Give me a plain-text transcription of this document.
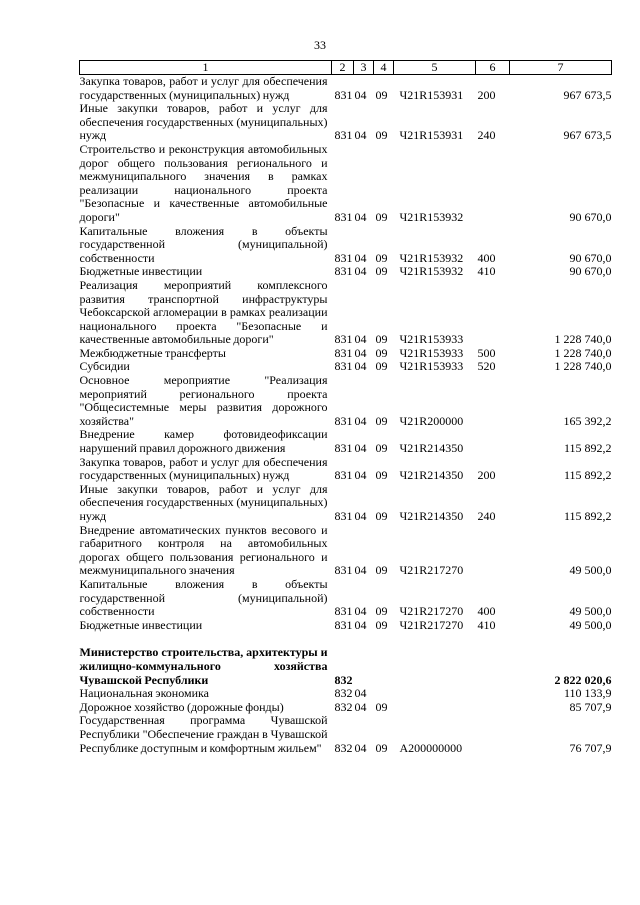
33
1	2	3	4	5	6	7
Закупка товаров, работ и услуг для обеспечения государственных (муниципальных) нужд	831	04	09	Ч21R153931	200	967 673,5
Иные закупки товаров, работ и услуг для обеспечения государственных (муниципальных) нужд	831	04	09	Ч21R153931	240	967 673,5
Строительство и реконструкция автомобильных дорог общего пользования регионального и межмуниципального значения в рамках реализации национального проекта "Безопасные и качественные автомобильные дороги"	831	04	09	Ч21R153932		90 670,0
Капитальные вложения в объекты государственной (муниципальной) собственности	831	04	09	Ч21R153932	400	90 670,0
Бюджетные инвестиции	831	04	09	Ч21R153932	410	90 670,0
Реализация мероприятий комплексного развития транспортной инфраструктуры Чебоксарской агломерации в рамках реализации национального проекта "Безопасные и качественные автомобильные дороги"	831	04	09	Ч21R153933		1 228 740,0
Межбюджетные трансферты	831	04	09	Ч21R153933	500	1 228 740,0
Субсидии	831	04	09	Ч21R153933	520	1 228 740,0
Основное мероприятие "Реализация мероприятий регионального проекта "Общесистемные меры развития дорожного хозяйства"	831	04	09	Ч21R200000		165 392,2
Внедрение камер фотовидеофиксации нарушений правил дорожного движения	831	04	09	Ч21R214350		115 892,2
Закупка товаров, работ и услуг для обеспечения государственных (муниципальных) нужд	831	04	09	Ч21R214350	200	115 892,2
Иные закупки товаров, работ и услуг для обеспечения государственных (муниципальных) нужд	831	04	09	Ч21R214350	240	115 892,2
Внедрение автоматических пунктов весового и габаритного контроля на автомобильных дорогах общего пользования регионального и межмуниципального значения	831	04	09	Ч21R217270		49 500,0
Капитальные вложения в объекты государственной (муниципальной) собственности	831	04	09	Ч21R217270	400	49 500,0
Бюджетные инвестиции	831	04	09	Ч21R217270	410	49 500,0

Министерство строительства, архитектуры и жилищно-коммунального хозяйства Чувашской Республики	832					2 822 020,6
Национальная экономика	832	04				110 133,9
Дорожное хозяйство (дорожные фонды)	832	04	09			85 707,9
Государственная программа Чувашской Республики "Обеспечение граждан в Чувашской Республике доступным и комфортным жильем"	832	04	09	А200000000		76 707,9
